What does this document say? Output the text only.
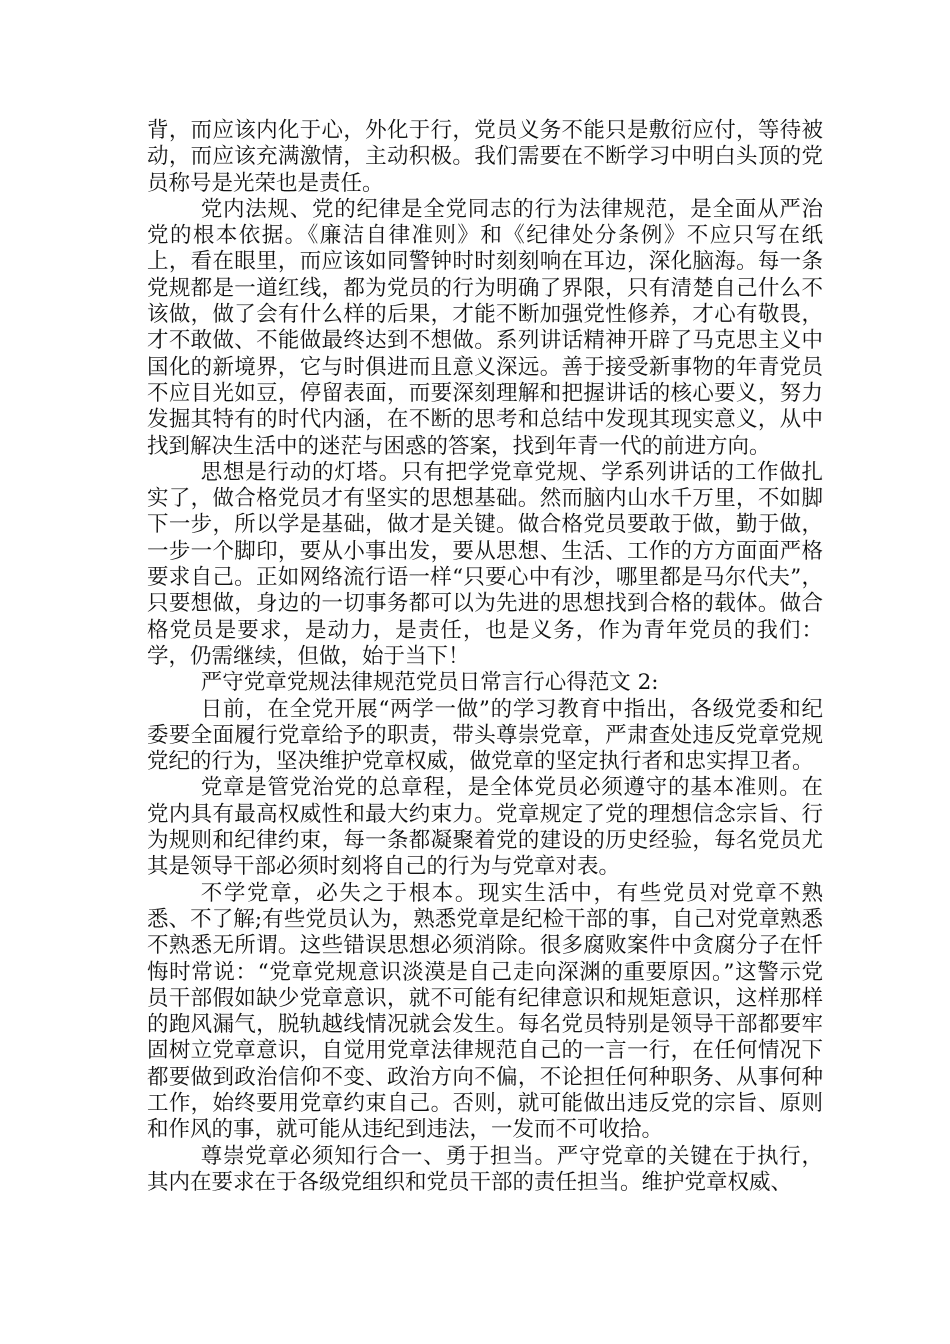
背，而应该内化于心，外化于行，党员义务不能只是敷衍应付，等待被动，而应该充满激情，主动积极。我们需要在不断学习中明白头顶的党员称号是光荣也是责任。

党内法规、党的纪律是全党同志的行为法律规范，是全面从严治党的根本依据。《廉洁自律准则》和《纪律处分条例》不应只写在纸上，看在眼里，而应该如同警钟时时刻刻响在耳边，深化脑海。每一条党规都是一道红线，都为党员的行为明确了界限，只有清楚自己什么不该做，做了会有什么样的后果，才能不断加强党性修养，才心有敬畏，才不敢做、不能做最终达到不想做。系列讲话精神开辟了马克思主义中国化的新境界，它与时俱进而且意义深远。善于接受新事物的年青党员不应目光如豆，停留表面，而要深刻理解和把握讲话的核心要义，努力发掘其特有的时代内涵，在不断的思考和总结中发现其现实意义，从中找到解决生活中的迷茫与困惑的答案，找到年青一代的前进方向。

思想是行动的灯塔。只有把学党章党规、学系列讲话的工作做扎实了，做合格党员才有坚实的思想基础。然而脑内山水千万里，不如脚下一步，所以学是基础，做才是关键。做合格党员要敢于做，勤于做，一步一个脚印，要从小事出发，要从思想、生活、工作的方方面面严格要求自己。正如网络流行语一样“只要心中有沙，哪里都是马尔代夫”，只要想做，身边的一切事务都可以为先进的思想找到合格的载体。做合格党员是要求，是动力，是责任，也是义务，作为青年党员的我们：学，仍需继续，但做，始于当下！

严守党章党规法律规范党员日常言行心得范文 2:

日前，在全党开展“两学一做”的学习教育中指出，各级党委和纪委要全面履行党章给予的职责，带头尊崇党章，严肃查处违反党章党规党纪的行为，坚决维护党章权威，做党章的坚定执行者和忠实捍卫者。

党章是管党治党的总章程，是全体党员必须遵守的基本准则。在党内具有最高权威性和最大约束力。党章规定了党的理想信念宗旨、行为规则和纪律约束，每一条都凝聚着党的建设的历史经验，每名党员尤其是领导干部必须时刻将自己的行为与党章对表。

不学党章，必失之于根本。现实生活中，有些党员对党章不熟悉、不了解;有些党员认为，熟悉党章是纪检干部的事，自己对党章熟悉不熟悉无所谓。这些错误思想必须消除。很多腐败案件中贪腐分子在忏悔时常说：“党章党规意识淡漠是自己走向深渊的重要原因。”这警示党员干部假如缺少党章意识，就不可能有纪律意识和规矩意识，这样那样的跑风漏气，脱轨越线情况就会发生。每名党员特别是领导干部都要牢固树立党章意识，自觉用党章法律规范自己的一言一行，在任何情况下都要做到政治信仰不变、政治方向不偏，不论担任何种职务、从事何种工作，始终要用党章约束自己。否则，就可能做出违反党的宗旨、原则和作风的事，就可能从违纪到违法，一发而不可收拾。

尊崇党章必须知行合一、勇于担当。严守党章的关键在于执行，其内在要求在于各级党组织和党员干部的责任担当。维护党章权威、
